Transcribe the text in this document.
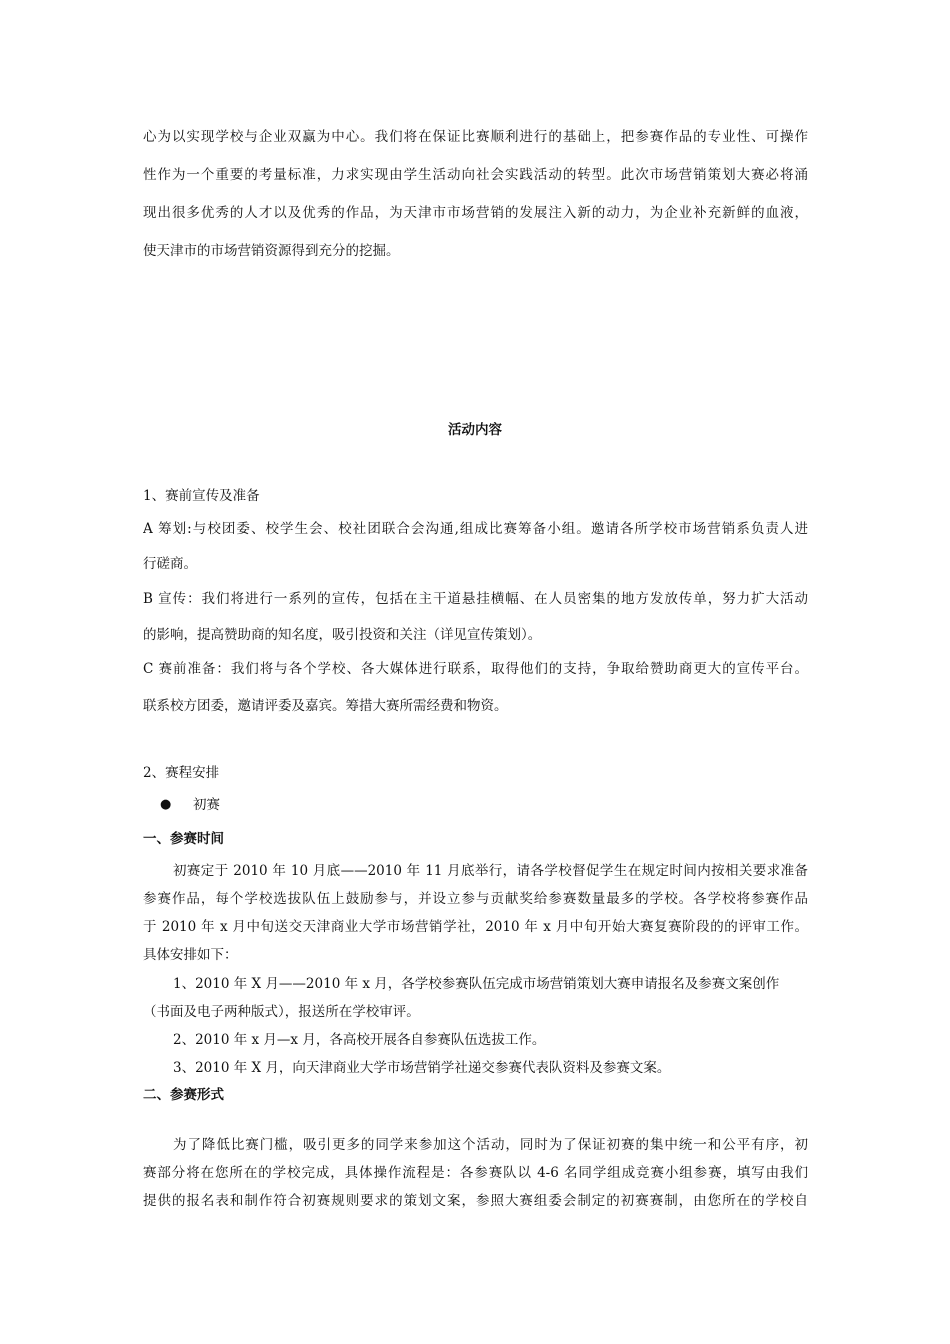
心为以实现学校与企业双赢为中心。我们将在保证比赛顺利进行的基础上，把参赛作品的专业性、可操作
性作为一个重要的考量标准，力求实现由学生活动向社会实践活动的转型。此次市场营销策划大赛必将涌
现出很多优秀的人才以及优秀的作品，为天津市市场营销的发展注入新的动力，为企业补充新鲜的血液，
使天津市的市场营销资源得到充分的挖掘。
活动内容
1、赛前宣传及准备
A 筹划:与校团委、校学生会、校社团联合会沟通,组成比赛筹备小组。邀请各所学校市场营销系负责人进
行磋商。
B 宣传：我们将进行一系列的宣传，包括在主干道悬挂横幅、在人员密集的地方发放传单，努力扩大活动
的影响，提高赞助商的知名度，吸引投资和关注（详见宣传策划）。
C 赛前准备：我们将与各个学校、各大媒体进行联系，取得他们的支持，争取给赞助商更大的宣传平台。
联系校方团委，邀请评委及嘉宾。筹措大赛所需经费和物资。
2、赛程安排
● 初赛
一、参赛时间
初赛定于 2010 年 10 月底——2010 年 11 月底举行，请各学校督促学生在规定时间内按相关要求准备
参赛作品，每个学校选拔队伍上鼓励参与，并设立参与贡献奖给参赛数量最多的学校。各学校将参赛作品
于 2010 年 x 月中旬送交天津商业大学市场营销学社，2010 年 x 月中旬开始大赛复赛阶段的的评审工作。
具体安排如下：
1、2010 年 X 月——2010 年 x 月，各学校参赛队伍完成市场营销策划大赛申请报名及参赛文案创作
（书面及电子两种版式），报送所在学校审评。
2、2010 年 x 月—x 月，各高校开展各自参赛队伍选拔工作。
3、2010 年 X 月，向天津商业大学市场营销学社递交参赛代表队资料及参赛文案。
二、参赛形式
为了降低比赛门槛，吸引更多的同学来参加这个活动，同时为了保证初赛的集中统一和公平有序，初
赛部分将在您所在的学校完成，具体操作流程是：各参赛队以 4-6 名同学组成竞赛小组参赛，填写由我们
提供的报名表和制作符合初赛规则要求的策划文案，参照大赛组委会制定的初赛赛制，由您所在的学校自
